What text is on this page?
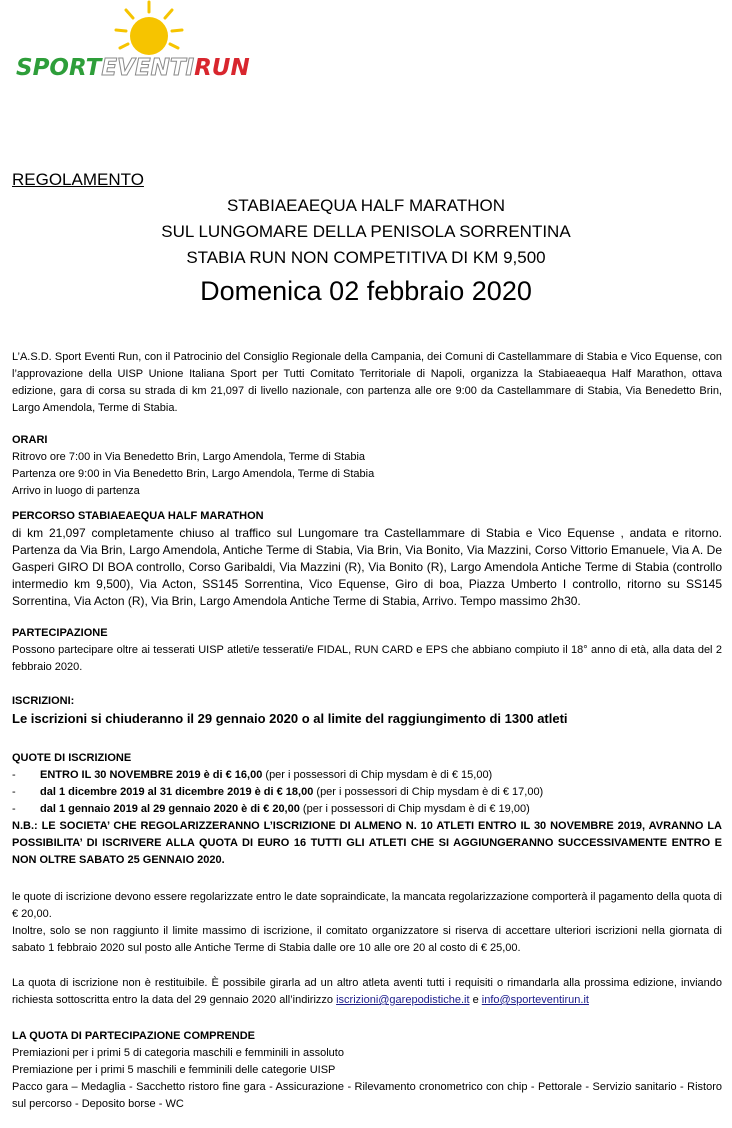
SPORTEVENTIRUN
REGOLAMENTO
STABIAEAEQUA HALF MARATHON
SUL LUNGOMARE DELLA PENISOLA SORRENTINA
STABIA RUN NON COMPETITIVA DI KM 9,500
Domenica 02 febbraio 2020
L’A.S.D. Sport Eventi Run, con il Patrocinio del Consiglio Regionale della Campania, dei Comuni di Castellammare di Stabia e Vico Equense, con l’approvazione della UISP Unione Italiana Sport per Tutti Comitato Territoriale di Napoli, organizza la Stabiaeaequa Half Marathon, ottava edizione, gara di corsa su strada di km 21,097 di livello nazionale, con partenza alle ore 9:00 da Castellammare di Stabia, Via Benedetto Brin, Largo Amendola, Terme di Stabia.
ORARI
Ritrovo ore 7:00 in Via Benedetto Brin, Largo Amendola, Terme di Stabia
Partenza ore 9:00 in Via Benedetto Brin, Largo Amendola, Terme di Stabia
Arrivo in luogo di partenza
PERCORSO STABIAEAEQUA HALF MARATHON
di km 21,097 completamente chiuso al traffico sul Lungomare tra Castellammare di Stabia e Vico Equense , andata e ritorno. Partenza da Via Brin, Largo Amendola, Antiche Terme di Stabia, Via Brin, Via Bonito, Via Mazzini, Corso Vittorio Emanuele, Via A. De Gasperi GIRO DI BOA controllo, Corso Garibaldi, Via Mazzini (R), Via Bonito (R), Largo Amendola Antiche Terme di Stabia (controllo intermedio km 9,500), Via Acton, SS145 Sorrentina, Vico Equense, Giro di boa, Piazza Umberto I controllo, ritorno su SS145 Sorrentina, Via Acton (R), Via Brin, Largo Amendola Antiche Terme di Stabia, Arrivo. Tempo massimo 2h30.
PARTECIPAZIONE
Possono partecipare oltre ai tesserati UISP atleti/e tesserati/e FIDAL, RUN CARD e EPS che abbiano compiuto il 18° anno di età, alla data del 2 febbraio 2020.
ISCRIZIONI:
Le iscrizioni si chiuderanno il 29 gennaio 2020 o al limite del raggiungimento di 1300 atleti
QUOTE DI ISCRIZIONE
-	ENTRO IL 30 NOVEMBRE 2019 è di € 16,00 (per i possessori di Chip mysdam è di € 15,00)
-	dal 1 dicembre 2019 al 31 dicembre 2019 è di € 18,00 (per i possessori di Chip mysdam è di € 17,00)
-	dal 1 gennaio 2019 al 29 gennaio 2020 è di € 20,00 (per i possessori di Chip mysdam è di € 19,00)
N.B.: LE SOCIETA’ CHE REGOLARIZZERANNO L’ISCRIZIONE DI ALMENO N. 10 ATLETI ENTRO IL 30 NOVEMBRE 2019, AVRANNO LA POSSIBILITA’ DI ISCRIVERE ALLA QUOTA DI EURO 16 TUTTI GLI ATLETI CHE SI AGGIUNGERANNO SUCCESSIVAMENTE ENTRO E NON OLTRE SABATO 25 GENNAIO 2020.
le quote di iscrizione devono essere regolarizzate entro le date sopraindicate, la mancata regolarizzazione comporterà il pagamento della quota di € 20,00.
Inoltre, solo se non raggiunto il limite massimo di iscrizione, il comitato organizzatore si riserva di accettare ulteriori iscrizioni nella giornata di sabato 1 febbraio 2020 sul posto alle Antiche Terme di Stabia dalle ore 10 alle ore 20 al costo di € 25,00.
La quota di iscrizione non è restituibile. È possibile girarla ad un altro atleta aventi tutti i requisiti o rimandarla alla prossima edizione, inviando richiesta sottoscritta entro la data del 29 gennaio 2020 all’indirizzo iscrizioni@garepodistiche.it e info@sporteventirun.it
LA QUOTA DI PARTECIPAZIONE COMPRENDE
Premiazioni per i primi 5 di categoria maschili e femminili in assoluto
Premiazione per i primi 5 maschili e femminili delle categorie UISP
Pacco gara – Medaglia - Sacchetto ristoro fine gara - Assicurazione - Rilevamento cronometrico con chip - Pettorale - Servizio sanitario - Ristoro sul percorso - Deposito borse - WC
